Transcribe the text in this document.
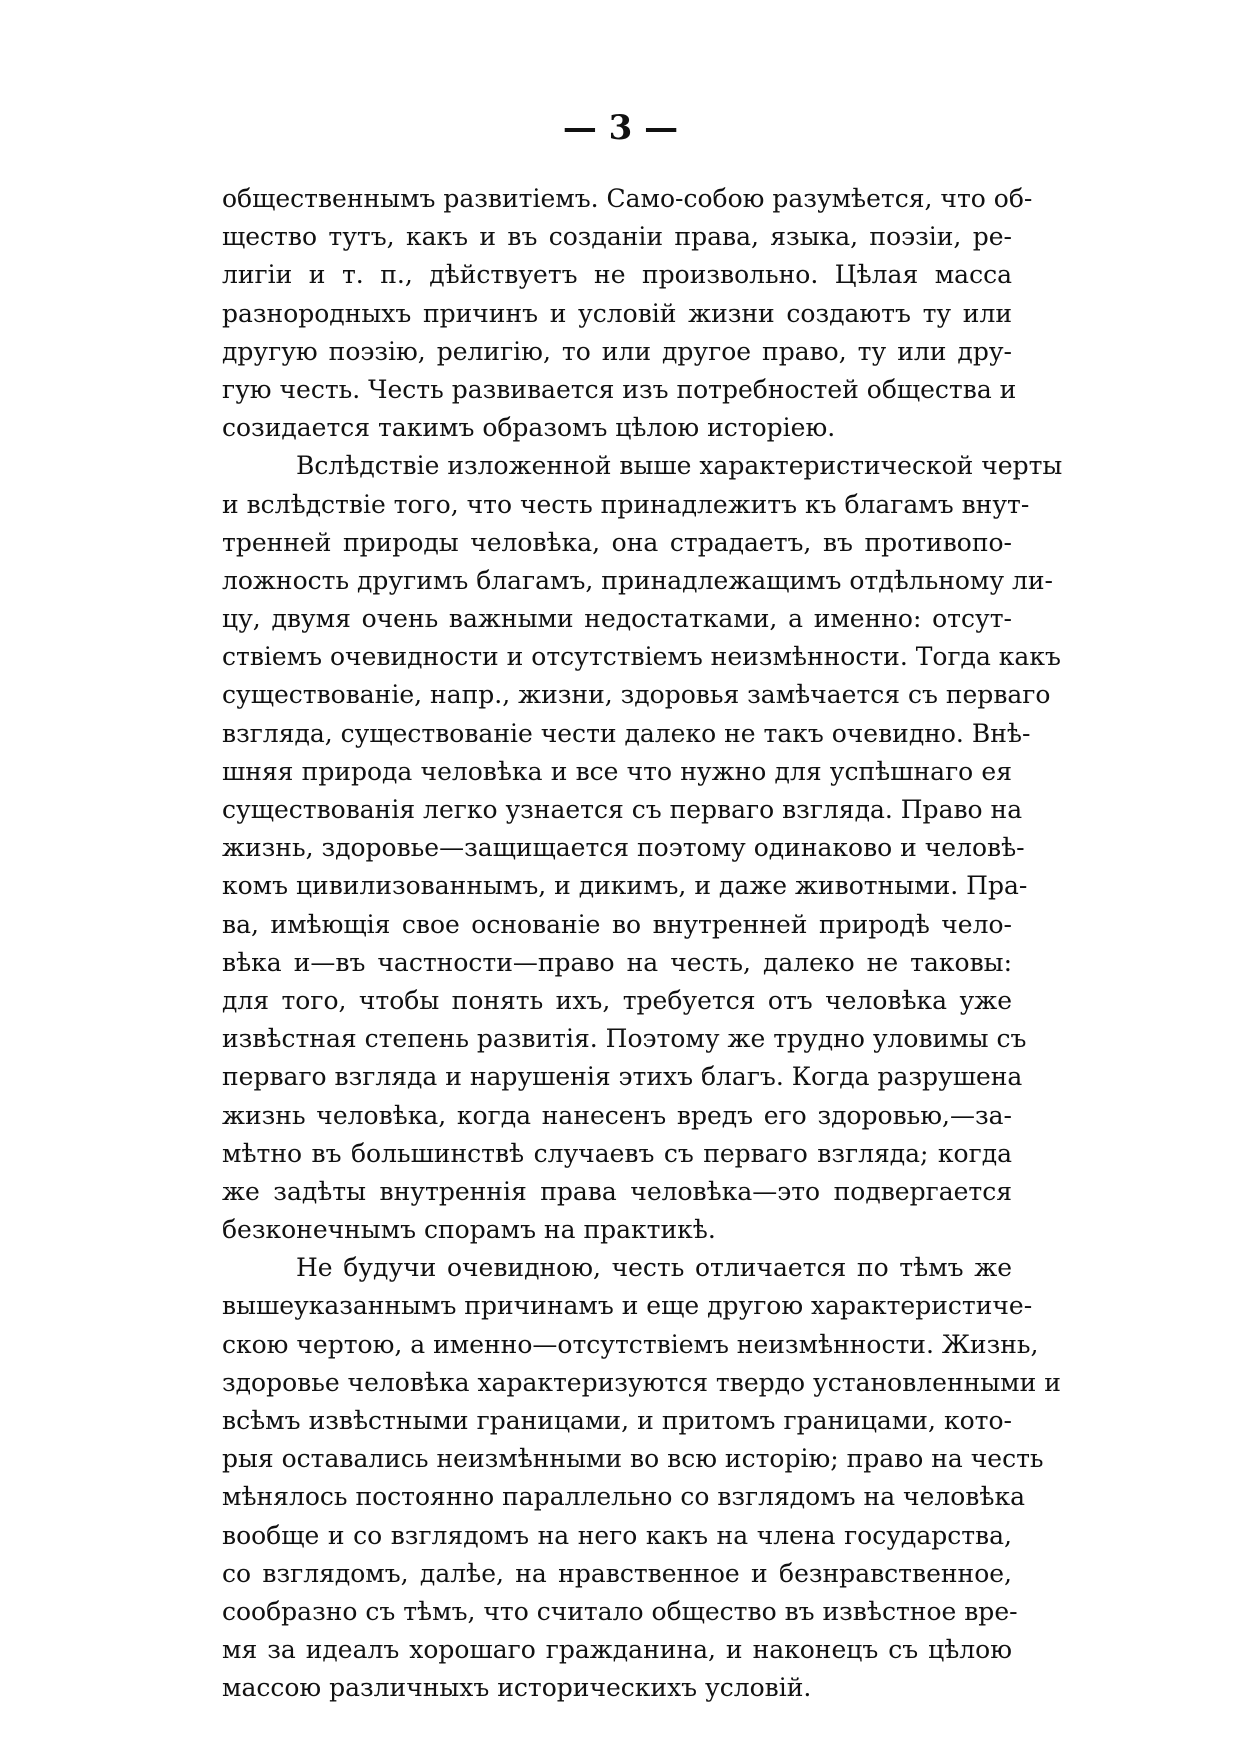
— 3 —
общественнымъ развитіемъ. Само-собою разумѣется, что об-
щество тутъ, какъ и въ созданіи права, языка, поэзіи, ре-
лигіи и т. п., дѣйствуетъ не произвольно. Цѣлая масса
разнородныхъ причинъ и условій жизни создаютъ ту или
другую поэзію, религію, то или другое право, ту или дру-
гую честь. Честь развивается изъ потребностей общества и
созидается такимъ образомъ цѣлою исторіею.
Вслѣдствіе изложенной выше характеристической черты
и вслѣдствіе того, что честь принадлежитъ къ благамъ внут-
тренней природы человѣка, она страдаетъ, въ противопо-
ложность другимъ благамъ, принадлежащимъ отдѣльному ли-
цу, двумя очень важными недостатками, а именно: отсут-
ствіемъ очевидности и отсутствіемъ неизмѣнности. Тогда какъ
существованіе, напр., жизни, здоровья замѣчается съ перваго
взгляда, существованіе чести далеко не такъ очевидно. Внѣ-
шняя природа человѣка и все что нужно для успѣшнаго ея
существованія легко узнается съ перваго взгляда. Право на
жизнь, здоровье—защищается поэтому одинаково и человѣ-
комъ цивилизованнымъ, и дикимъ, и даже животными. Пра-
ва, имѣющія свое основаніе во внутренней природѣ чело-
вѣка и—въ частности—право на честь, далеко не таковы:
для того, чтобы понять ихъ, требуется отъ человѣка уже
извѣстная степень развитія. Поэтому же трудно уловимы съ
перваго взгляда и нарушенія этихъ благъ. Когда разрушена
жизнь человѣка, когда нанесенъ вредъ его здоровью,—за-
мѣтно въ большинствѣ случаевъ съ перваго взгляда; когда
же задѣты внутреннія права человѣка—это подвергается
безконечнымъ спорамъ на практикѣ.
Не будучи очевидною, честь отличается по тѣмъ же
вышеуказаннымъ причинамъ и еще другою характеристиче-
скою чертою, а именно—отсутствіемъ неизмѣнности. Жизнь,
здоровье человѣка характеризуются твердо установленными и
всѣмъ извѣстными границами, и притомъ границами, кото-
рыя оставались неизмѣнными во всю исторію; право на честь
мѣнялось постоянно параллельно со взглядомъ на человѣка
вообще и со взглядомъ на него какъ на члена государства,
со взглядомъ, далѣе, на нравственное и безнравственное,
сообразно съ тѣмъ, что считало общество въ извѣстное вре-
мя за идеалъ хорошаго гражданина, и наконецъ съ цѣлою
массою различныхъ историческихъ условій.
